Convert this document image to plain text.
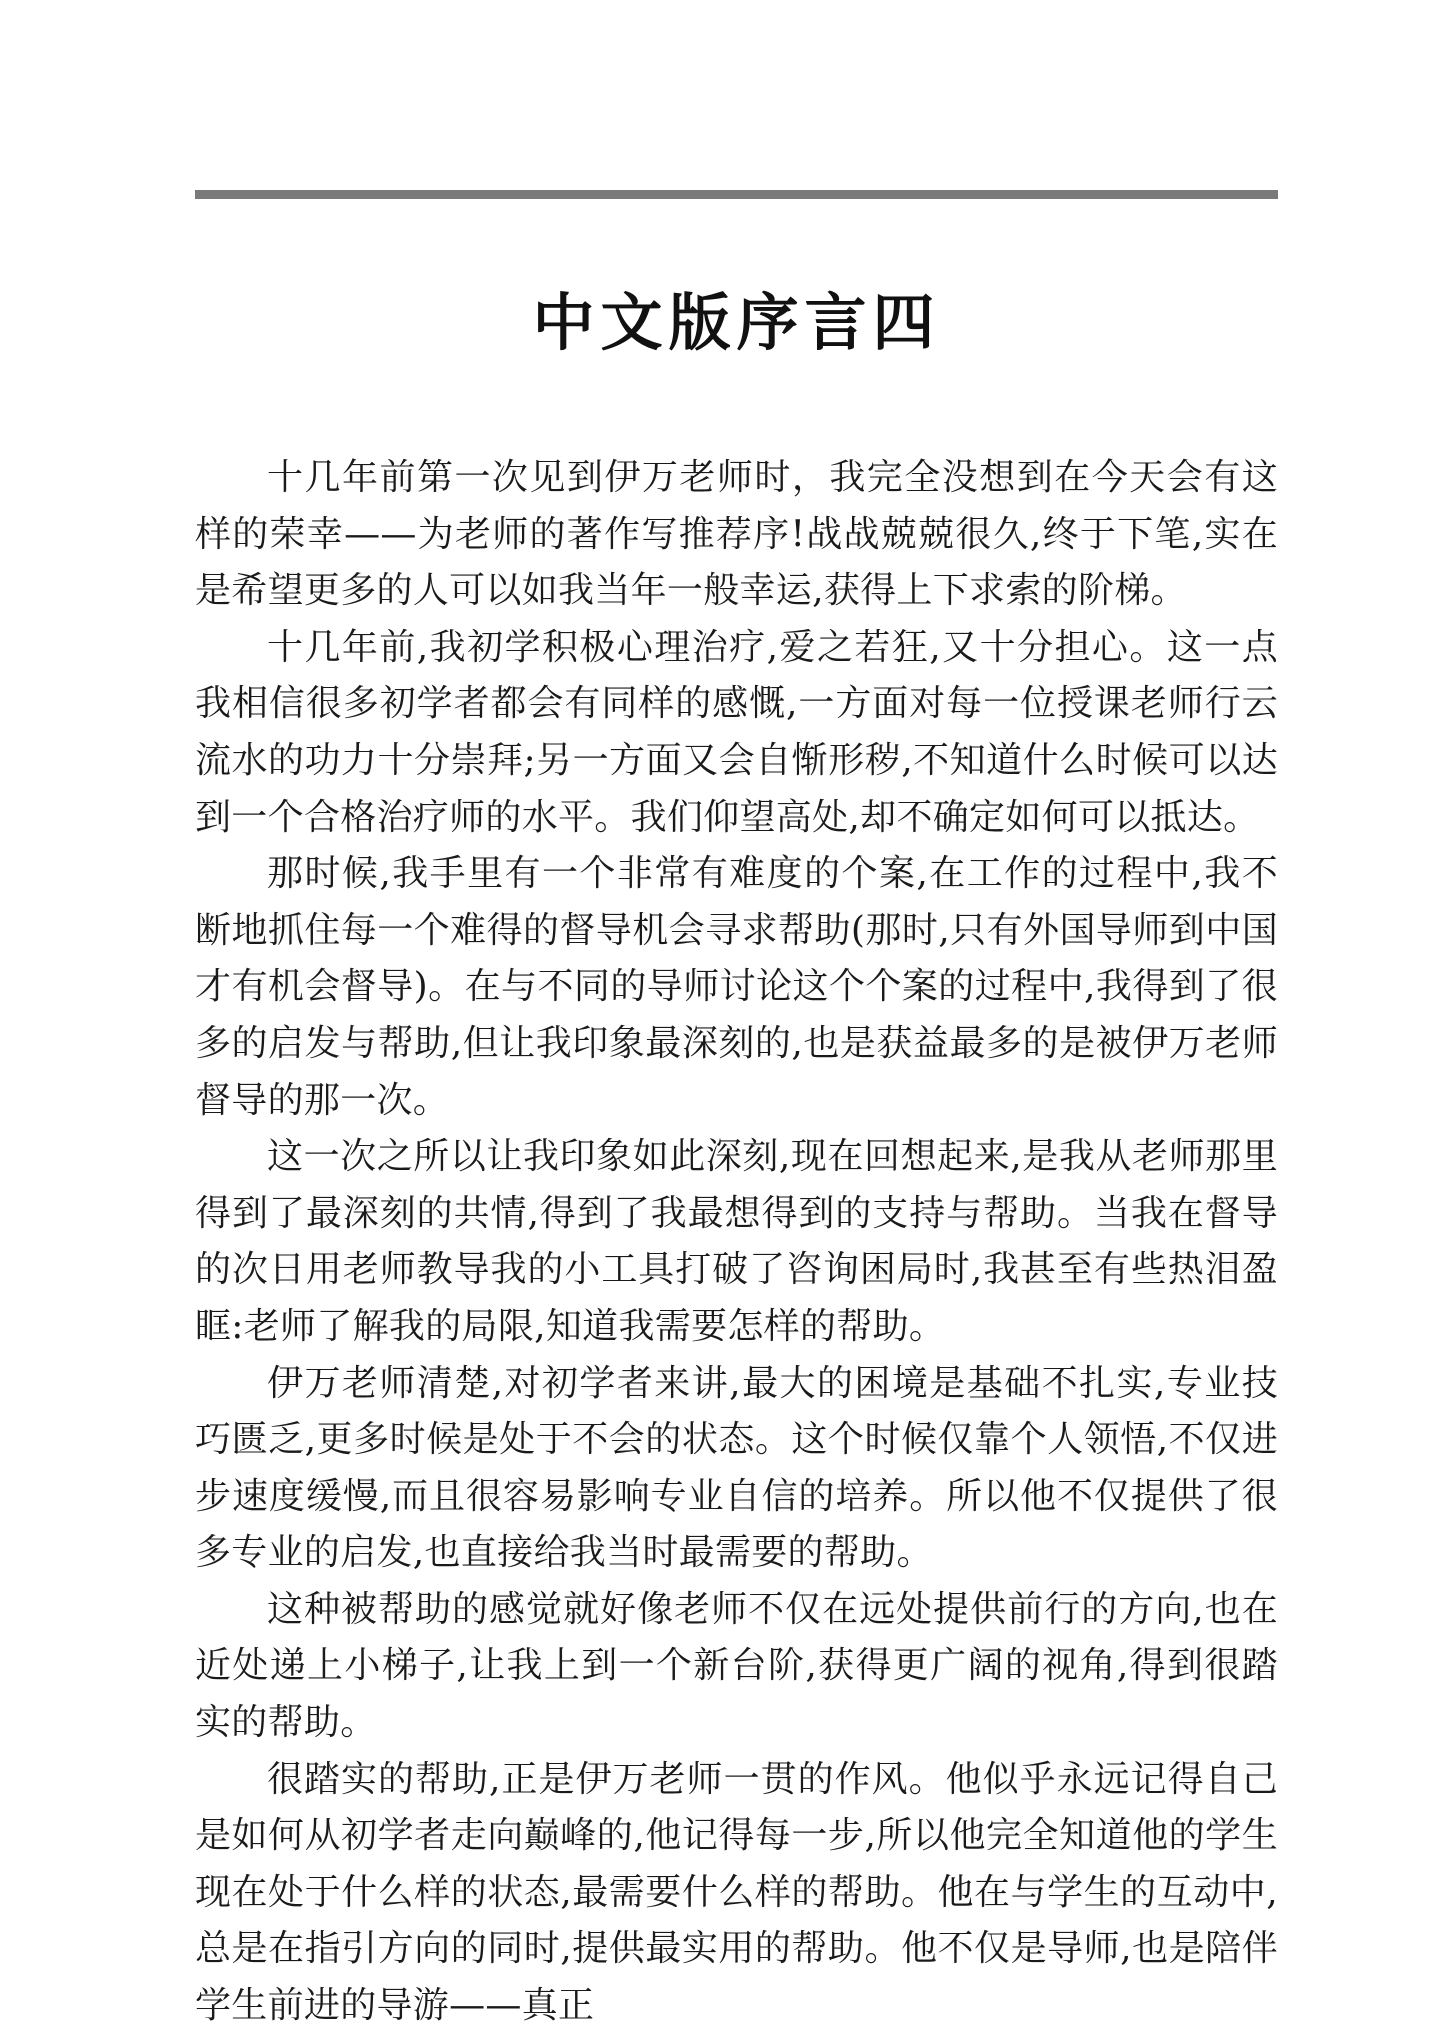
中文版序言四

十几年前第一次见到伊万老师时，我完全没想到在今天会有这样的荣幸——为老师的著作写推荐序!战战兢兢很久,终于下笔,实在是希望更多的人可以如我当年一般幸运,获得上下求索的阶梯。

十几年前,我初学积极心理治疗,爱之若狂,又十分担心。这一点我相信很多初学者都会有同样的感慨,一方面对每一位授课老师行云流水的功力十分崇拜;另一方面又会自惭形秽,不知道什么时候可以达到一个合格治疗师的水平。我们仰望高处,却不确定如何可以抵达。

那时候,我手里有一个非常有难度的个案,在工作的过程中,我不断地抓住每一个难得的督导机会寻求帮助(那时,只有外国导师到中国才有机会督导)。在与不同的导师讨论这个个案的过程中,我得到了很多的启发与帮助,但让我印象最深刻的,也是获益最多的是被伊万老师督导的那一次。

这一次之所以让我印象如此深刻,现在回想起来,是我从老师那里得到了最深刻的共情,得到了我最想得到的支持与帮助。当我在督导的次日用老师教导我的小工具打破了咨询困局时,我甚至有些热泪盈眶:老师了解我的局限,知道我需要怎样的帮助。

伊万老师清楚,对初学者来讲,最大的困境是基础不扎实,专业技巧匮乏,更多时候是处于不会的状态。这个时候仅靠个人领悟,不仅进步速度缓慢,而且很容易影响专业自信的培养。所以他不仅提供了很多专业的启发,也直接给我当时最需要的帮助。

这种被帮助的感觉就好像老师不仅在远处提供前行的方向,也在近处递上小梯子,让我上到一个新台阶,获得更广阔的视角,得到很踏实的帮助。

很踏实的帮助,正是伊万老师一贯的作风。他似乎永远记得自己是如何从初学者走向巅峰的,他记得每一步,所以他完全知道他的学生现在处于什么样的状态,最需要什么样的帮助。他在与学生的互动中,总是在指引方向的同时,提供最实用的帮助。他不仅是导师,也是陪伴学生前进的导游——真正
